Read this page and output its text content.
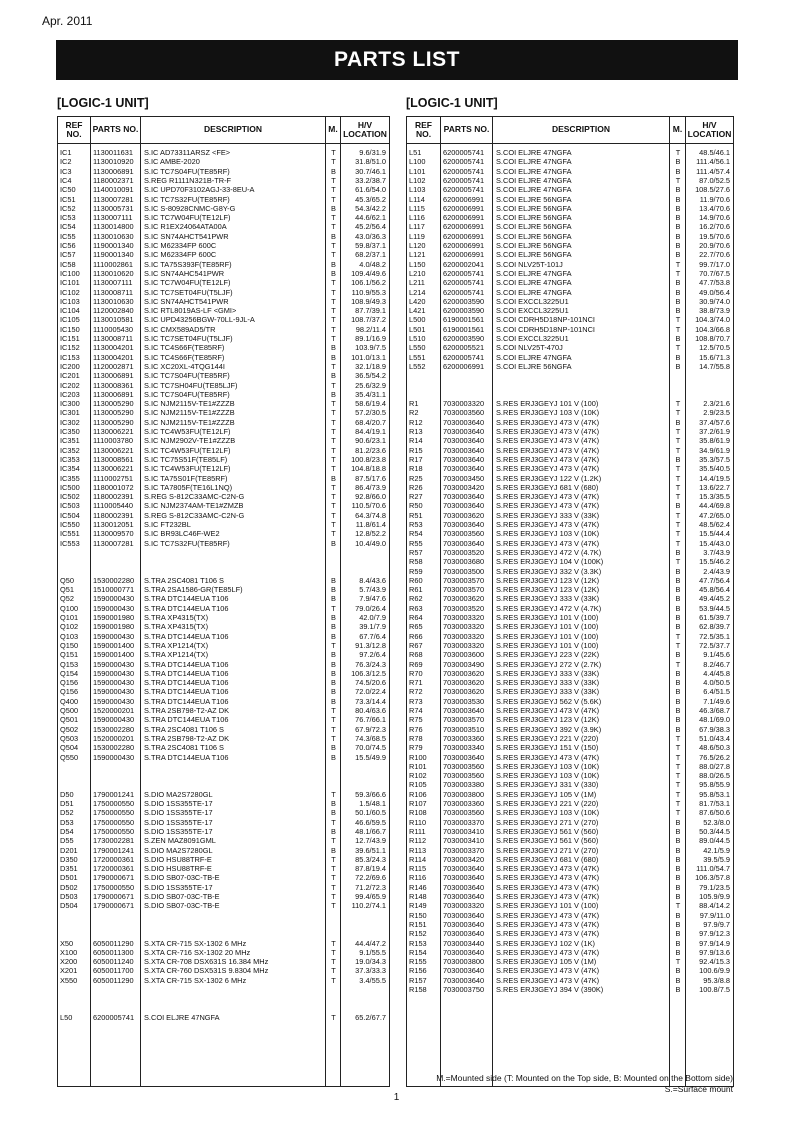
Apr. 2011
PARTS LIST
[LOGIC-1 UNIT]	[LOGIC-1 UNIT]
REF NO.	PARTS NO.	DESCRIPTION	M.	H/V LOCATION
IC1	1130011631	S.IC AD73311ARSZ <FE>	T	9.6/31.9
IC2	1130010920	S.IC AMBE-2020	T	31.8/51.0
IC3	1130006891	S.IC TC7S04FU(TE85RF)	B	30.7/46.1
IC4	1180002371	S.REG R1111N321B-TR-F	T	33.2/38.7
IC50	1140010091	S.IC UPD70F3102AGJ-33-8EU-A	T	61.6/54.0
IC51	1130007281	S.IC TC7S32FU(TE85RF)	T	45.3/65.2
IC52	1130005731	S.IC S-80928CNMC-G8Y-G	B	54.3/42.2
IC53	1130007111	S.IC TC7W04FU(TE12LF)	T	44.6/62.1
IC54	1130014800	S.IC R1EX24064ATA00A	T	45.2/56.4
IC55	1130010630	S.IC SN74AHCT541PWR	B	43.0/36.3
IC56	1190001340	S.IC M62334FP 600C	T	59.8/37.1
IC57	1190001340	S.IC M62334FP 600C	T	68.2/37.1
IC58	1110002861	S.IC TA75S393F(TE85RF)	B	4.0/48.2
IC100	1130010620	S.IC SN74AHC541PWR	B	109.4/49.6
IC101	1130007111	S.IC TC7W04FU(TE12LF)	T	106.1/56.2
IC102	1130008711	S.IC TC7SET04FU(T5LJF)	T	110.9/55.3
IC103	1130010630	S.IC SN74AHCT541PWR	T	108.9/49.3
IC104	1120002840	S.IC RTL8019AS-LF <GMI>	T	87.7/39.1
IC105	1130010581	S.IC UPD43256BGW-70LL-9JL-A	T	108.7/37.2
IC150	1110005430	S.IC CMX589AD5/TR	T	98.2/11.4
IC151	1130008711	S.IC TC7SET04FU(T5LJF)	T	89.1/16.9
IC152	1130004201	S.IC TC4S66F(TE85RF)	B	103.9/7.5
IC153	1130004201	S.IC TC4S66F(TE85RF)	B	101.0/13.1
IC200	1120002871	S.IC XC20XL-4TQG144I	T	32.1/18.9
IC201	1130006891	S.IC TC7S04FU(TE85RF)	B	36.5/54.2
IC202	1130008361	S.IC TC7SH04FU(TE85LJF)	T	25.6/32.9
IC203	1130006891	S.IC TC7S04FU(TE85RF)	B	35.4/31.1
IC300	1130005290	S.IC NJM2115V-TE1#ZZZB	T	58.6/19.4
IC301	1130005290	S.IC NJM2115V-TE1#ZZZB	T	57.2/30.5
IC302	1130005290	S.IC NJM2115V-TE1#ZZZB	T	68.4/20.7
IC350	1130006221	S.IC TC4W53FU(TE12LF)	T	84.4/19.1
IC351	1110003780	S.IC NJM2902V-TE1#ZZZB	T	90.6/23.1
IC352	1130006221	S.IC TC4W53FU(TE12LF)	T	81.2/23.6
IC353	1130008561	S.IC TC75S51F(TE85LF)	T	100.8/23.8
IC354	1130006221	S.IC TC4W53FU(TE12LF)	T	104.8/18.8
IC355	1110002751	S.IC TA75S01F(TE85RF)	B	87.5/17.6
IC500	1180001072	S.IC TA7805F(TE16L1NQ)	T	86.4/73.9
IC502	1180002391	S.REG S-812C33AMC-C2N-G	T	92.8/66.0
IC503	1110005440	S.IC NJM2374AM-TE1#ZMZB	T	110.5/70.6
IC504	1180002391	S.REG S-812C33AMC-C2N-G	T	64.3/74.8
IC550	1130012051	S.IC FT232BL	T	11.8/61.4
IC551	1130009570	S.IC BR93LC46F-WE2	T	12.8/52.2
IC553	1130007281	S.IC TC7S32FU(TE85RF)	B	10.4/49.0
Q50	1530002280	S.TRA 2SC4081 T106 S	B	8.4/43.6
Q51	1510000771	S.TRA 2SA1586-GR(TE85LF)	B	5.7/43.9
Q52	1590000430	S.TRA DTC144EUA T106	B	7.9/47.6
Q100	1590000430	S.TRA DTC144EUA T106	T	79.0/26.4
Q101	1590001980	S.TRA XP4315(TX)	B	42.0/7.9
Q102	1590001980	S.TRA XP4315(TX)	B	39.1/7.9
Q103	1590000430	S.TRA DTC144EUA T106	B	67.7/6.4
Q150	1590001400	S.TRA XP1214(TX)	T	91.3/12.8
Q151	1590001400	S.TRA XP1214(TX)	B	97.2/6.4
Q153	1590000430	S.TRA DTC144EUA T106	B	76.3/24.3
Q154	1590000430	S.TRA DTC144EUA T106	B	106.3/12.5
Q156	1590000430	S.TRA DTC144EUA T106	B	74.5/20.6
Q156	1590000430	S.TRA DTC144EUA T106	B	72.0/22.4
Q400	1590000430	S.TRA DTC144EUA T106	B	73.3/14.4
Q500	1520000201	S.TRA 2SB798-T2-AZ DK	T	80.4/63.6
Q501	1590000430	S.TRA DTC144EUA T106	T	76.7/66.1
Q502	1530002280	S.TRA 2SC4081 T106 S	T	67.9/72.3
Q503	1520000201	S.TRA 2SB798-T2-AZ DK	T	74.3/68.5
Q504	1530002280	S.TRA 2SC4081 T106 S	B	70.0/74.5
Q550	1590000430	S.TRA DTC144EUA T106	B	15.5/49.9
D50	1790001241	S.DIO MA2S7280GL	T	59.3/66.6
D51	1750000550	S.DIO 1SS355TE-17	B	1.5/48.1
D52	1750000550	S.DIO 1SS355TE-17	B	50.1/60.5
D53	1750000550	S.DIO 1SS355TE-17	T	46.6/59.5
D54	1750000550	S.DIO 1SS355TE-17	B	48.1/66.7
D55	1730002281	S.ZEN MAZ8091GML	T	12.7/43.9
D201	1790001241	S.DIO MA2S7280GL	B	39.6/51.1
D350	1720000361	S.DIO HSU88TRF-E	T	85.3/24.3
D351	1720000361	S.DIO HSU88TRF-E	T	87.8/19.4
D501	1790000671	S.DIO SB07-03C-TB-E	T	72.2/69.6
D502	1750000550	S.DIO 1SS355TE-17	T	71.2/72.3
D503	1790000671	S.DIO SB07-03C-TB-E	T	99.4/65.9
D504	1790000671	S.DIO SB07-03C-TB-E	T	110.2/74.1
X50	6050011290	S.XTA CR-715 SX-1302 6 MHz	T	44.4/47.2
X100	6050011300	S.XTA CR-716 SX-1302 20 MHz	T	9.1/55.5
X200	6050011240	S.XTA CR-708 DSX631S 16.384 MHz	T	19.0/34.3
X201	6050011700	S.XTA CR-760 DSX531S 9.8304 MHz	T	37.3/33.3
X550	6050011290	S.XTA CR-715 SX-1302 6 MHz	T	3.4/55.5
L50	6200005741	S.COI ELJRE 47NGFA	T	65.2/67.7
REF NO.	PARTS NO.	DESCRIPTION	M.	H/V LOCATION
L51	6200005741	S.COI ELJRE 47NGFA	T	48.5/46.1
L100	6200005741	S.COI ELJRE 47NGFA	B	111.4/56.1
L101	6200005741	S.COI ELJRE 47NGFA	B	111.4/57.4
L102	6200005741	S.COI ELJRE 47NGFA	T	87.0/52.5
L103	6200005741	S.COI ELJRE 47NGFA	B	108.5/27.6
L114	6200006991	S.COI ELJRE 56NGFA	B	11.9/70.6
L115	6200006991	S.COI ELJRE 56NGFA	B	13.4/70.6
L116	6200006991	S.COI ELJRE 56NGFA	B	14.9/70.6
L117	6200006991	S.COI ELJRE 56NGFA	B	16.2/70.6
L119	6200006991	S.COI ELJRE 56NGFA	B	19.5/70.6
L120	6200006991	S.COI ELJRE 56NGFA	B	20.9/70.6
L121	6200006991	S.COI ELJRE 56NGFA	B	22.7/70.6
L150	6200002041	S.COI NLV25T-101J	T	99.7/17.0
L210	6200005741	S.COI ELJRE 47NGFA	T	70.7/67.5
L211	6200005741	S.COI ELJRE 47NGFA	B	47.7/53.8
L214	6200005741	S.COI ELJRE 47NGFA	B	49.0/56.4
L420	6200003590	S.COI EXCCL3225U1	B	30.9/74.0
L421	6200003590	S.COI EXCCL3225U1	B	38.8/73.9
L500	6190001561	S.COI CDRH5D18NP-101NCI	T	104.3/74.0
L501	6190001561	S.COI CDRH5D18NP-101NCI	T	104.3/66.8
L510	6200003590	S.COI EXCCL3225U1	B	108.8/70.7
L550	6200005521	S.COI NLV25T-470J	T	12.5/70.5
L551	6200005741	S.COI ELJRE 47NGFA	B	15.6/71.3
L552	6200006991	S.COI ELJRE 56NGFA	B	14.7/55.8
R1	7030003320	S.RES ERJ3GEYJ 101 V (100)	T	2.3/21.6
R2	7030003560	S.RES ERJ3GEYJ 103 V (10K)	T	2.9/23.5
R12	7030003640	S.RES ERJ3GEYJ 473 V (47K)	B	37.4/57.6
R13	7030003640	S.RES ERJ3GEYJ 473 V (47K)	T	37.2/61.9
R14	7030003640	S.RES ERJ3GEYJ 473 V (47K)	T	35.8/61.9
R15	7030003640	S.RES ERJ3GEYJ 473 V (47K)	T	34.9/61.9
R17	7030003640	S.RES ERJ3GEYJ 473 V (47K)	B	35.3/57.5
R18	7030003640	S.RES ERJ3GEYJ 473 V (47K)	T	35.5/40.5
R25	7030003450	S.RES ERJ3GEYJ 122 V (1.2K)	T	14.4/19.5
R26	7030003420	S.RES ERJ3GEYJ 681 V (680)	T	13.6/22.7
R27	7030003640	S.RES ERJ3GEYJ 473 V (47K)	T	15.3/35.5
R50	7030003640	S.RES ERJ3GEYJ 473 V (47K)	B	44.4/69.8
R51	7030003620	S.RES ERJ3GEYJ 333 V (33K)	T	47.2/65.0
R53	7030003640	S.RES ERJ3GEYJ 473 V (47K)	T	48.5/62.4
R54	7030003560	S.RES ERJ3GEYJ 103 V (10K)	T	15.5/44.4
R55	7030003640	S.RES ERJ3GEYJ 473 V (47K)	T	15.4/43.0
R57	7030003520	S.RES ERJ3GEYJ 472 V (4.7K)	B	3.7/43.9
R58	7030003680	S.RES ERJ3GEYJ 104 V (100K)	T	15.5/46.2
R59	7030003500	S.RES ERJ3GEYJ 332 V (3.3K)	B	2.4/43.9
R60	7030003570	S.RES ERJ3GEYJ 123 V (12K)	B	47.7/56.4
R61	7030003570	S.RES ERJ3GEYJ 123 V (12K)	B	45.8/56.4
R62	7030003620	S.RES ERJ3GEYJ 333 V (33K)	B	49.4/45.2
R63	7030003520	S.RES ERJ3GEYJ 472 V (4.7K)	B	53.9/44.5
R64	7030003320	S.RES ERJ3GEYJ 101 V (100)	B	61.5/39.7
R65	7030003320	S.RES ERJ3GEYJ 101 V (100)	B	62.8/39.7
R66	7030003320	S.RES ERJ3GEYJ 101 V (100)	T	72.5/35.1
R67	7030003320	S.RES ERJ3GEYJ 101 V (100)	T	72.5/37.7
R68	7030003600	S.RES ERJ3GEYJ 223 V (22K)	B	9.1/45.6
R69	7030003490	S.RES ERJ3GEYJ 272 V (2.7K)	T	8.2/46.7
R70	7030003620	S.RES ERJ3GEYJ 333 V (33K)	B	4.4/45.8
R71	7030003620	S.RES ERJ3GEYJ 333 V (33K)	B	4.0/50.5
R72	7030003620	S.RES ERJ3GEYJ 333 V (33K)	B	6.4/51.5
R73	7030003530	S.RES ERJ3GEYJ 562 V (5.6K)	B	7.1/49.6
R74	7030003640	S.RES ERJ3GEYJ 473 V (47K)	B	46.3/68.7
R75	7030003570	S.RES ERJ3GEYJ 123 V (12K)	B	48.1/69.0
R76	7030003510	S.RES ERJ3GEYJ 392 V (3.9K)	B	67.9/38.3
R78	7030003360	S.RES ERJ3GEYJ 221 V (220)	T	51.0/43.4
R79	7030003340	S.RES ERJ3GEYJ 151 V (150)	T	48.6/50.3
R100	7030003640	S.RES ERJ3GEYJ 473 V (47K)	T	76.5/26.2
R101	7030003560	S.RES ERJ3GEYJ 103 V (10K)	T	88.0/27.8
R102	7030003560	S.RES ERJ3GEYJ 103 V (10K)	T	88.0/26.5
R105	7030003380	S.RES ERJ3GEYJ 331 V (330)	T	95.8/55.9
R106	7030003800	S.RES ERJ3GEYJ 105 V (1M)	T	95.8/53.1
R107	7030003360	S.RES ERJ3GEYJ 221 V (220)	T	81.7/53.1
R108	7030003560	S.RES ERJ3GEYJ 103 V (10K)	T	87.6/50.6
R110	7030003370	S.RES ERJ3GEYJ 271 V (270)	B	52.3/8.0
R111	7030003410	S.RES ERJ3GEYJ 561 V (560)	B	50.3/44.5
R112	7030003410	S.RES ERJ3GEYJ 561 V (560)	B	89.0/44.5
R113	7030003370	S.RES ERJ3GEYJ 271 V (270)	B	42.1/5.9
R114	7030003420	S.RES ERJ3GEYJ 681 V (680)	B	39.5/5.9
R115	7030003640	S.RES ERJ3GEYJ 473 V (47K)	B	111.0/54.7
R116	7030003640	S.RES ERJ3GEYJ 473 V (47K)	B	106.3/57.8
R146	7030003640	S.RES ERJ3GEYJ 473 V (47K)	B	79.1/23.5
R148	7030003640	S.RES ERJ3GEYJ 473 V (47K)	B	105.9/9.9
R149	7030003320	S.RES ERJ3GEYJ 101 V (100)	T	88.4/14.2
R150	7030003640	S.RES ERJ3GEYJ 473 V (47K)	B	97.9/11.0
R151	7030003640	S.RES ERJ3GEYJ 473 V (47K)	B	97.9/9.7
R152	7030003640	S.RES ERJ3GEYJ 473 V (47K)	B	97.9/12.3
R153	7030003440	S.RES ERJ3GEYJ 102 V (1K)	B	97.9/14.9
R154	7030003640	S.RES ERJ3GEYJ 473 V (47K)	B	97.9/13.6
R155	7030003800	S.RES ERJ3GEYJ 105 V (1M)	T	92.4/15.3
R156	7030003640	S.RES ERJ3GEYJ 473 V (47K)	B	100.6/9.9
R157	7030003640	S.RES ERJ3GEYJ 473 V (47K)	B	95.3/8.8
R158	7030003750	S.RES ERJ3GEYJ 394 V (390K)	B	100.8/7.5
M.=Mounted side (T: Mounted on the Top side, B: Mounted on the Bottom side)
S.=Surface mount
1
